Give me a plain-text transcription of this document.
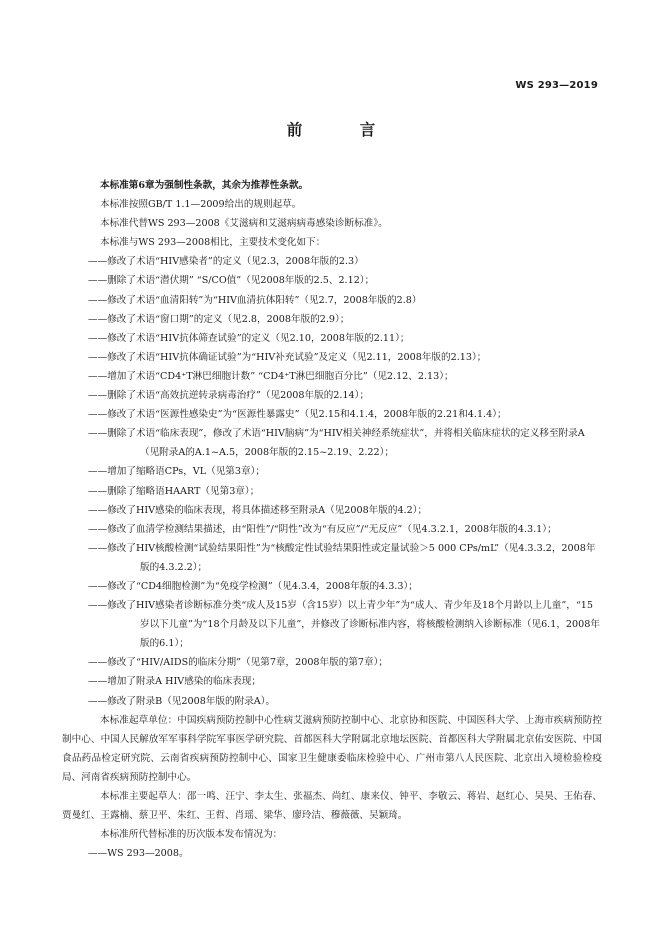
WS 293—2019
前 言

本标准第6章为强制性条款，其余为推荐性条款。

本标准按照GB/T 1.1—2009给出的规则起草。

本标准代替WS 293—2008《艾滋病和艾滋病病毒感染诊断标准》。

本标准与WS 293—2008相比，主要技术变化如下：

——修改了术语“HIV感染者”的定义（见2.3，2008年版的2.3）

——删除了术语“潜伏期” “S/CO值”（见2008年版的2.5、2.12）；

——修改了术语“血清阳转”为“HIV血清抗体阳转”（见2.7，2008年版的2.8）

——修改了术语“窗口期”的定义（见2.8，2008年版的2.9）；

——修改了术语“HIV抗体筛查试验”的定义（见2.10，2008年版的2.11）；

——修改了术语“HIV抗体确证试验”为“HIV补充试验”及定义（见2.11，2008年版的2.13）；

——增加了术语“CD4⁺T淋巴细胞计数” “CD4⁺T淋巴细胞百分比”（见2.12、2.13）；

——删除了术语“高效抗逆转录病毒治疗”（见2008年版的2.14）；

——修改了术语“医源性感染史”为“医源性暴露史”（见2.15和4.1.4，2008年版的2.21和4.1.4）；

——删除了术语“临床表现”，修改了术语“HIV脑病”为“HIV相关神经系统症状”，并将相关临床症状的定义移至附录A（见附录A的A.1~A.5，2008年版的2.15~2.19、2.22）；

——增加了缩略语CPs，VL（见第3章）；

——删除了缩略语HAART（见第3章）；

——修改了HIV感染的临床表现，将具体描述移至附录A（见2008年版的4.2）；

——修改了血清学检测结果描述，由“阳性”/“阴性”改为“有反应”/“无反应”（见4.3.2.1，2008年版的4.3.1）；

——修改了HIV核酸检测“试验结果阳性”为“核酸定性试验结果阳性或定量试验＞5 000 CPs/mL”（见4.3.3.2，2008年版的4.3.2.2）；

——修改了“CD4细胞检测”为“免疫学检测”（见4.3.4，2008年版的4.3.3）；

——修改了HIV感染者诊断标准分类“成人及15岁（含15岁）以上青少年”为“成人、青少年及18个月龄以上儿童”，“15岁以下儿童”为“18个月龄及以下儿童”，并修改了诊断标准内容，将核酸检测纳入诊断标准（见6.1，2008年版的6.1）；

——修改了“HIV/AIDS的临床分期”（见第7章，2008年版的第7章）；

——增加了附录A HIV感染的临床表现；

——修改了附录B（见2008年版的附录A）。

本标准起草单位：中国疾病预防控制中心性病艾滋病预防控制中心、北京协和医院、中国医科大学、上海市疾病预防控制中心、中国人民解放军军事科学院军事医学研究院、首都医科大学附属北京地坛医院、首都医科大学附属北京佑安医院、中国食品药品检定研究院、云南省疾病预防控制中心、国家卫生健康委临床检验中心、广州市第八人民医院、北京出入境检验检疫局、河南省疾病预防控制中心。

本标准主要起草人：邵一鸣、汪宁、李太生、张福杰、尚红、康来仪、钟平、李敬云、蒋岩、赵红心、吴昊、王佑春、贾曼红、王露楠、蔡卫平、朱红、王哲、肖瑶、梁华、廖玲洁、穆薇薇、吴颖琦。

本标准所代替标准的历次版本发布情况为：

——WS 293—2008。
